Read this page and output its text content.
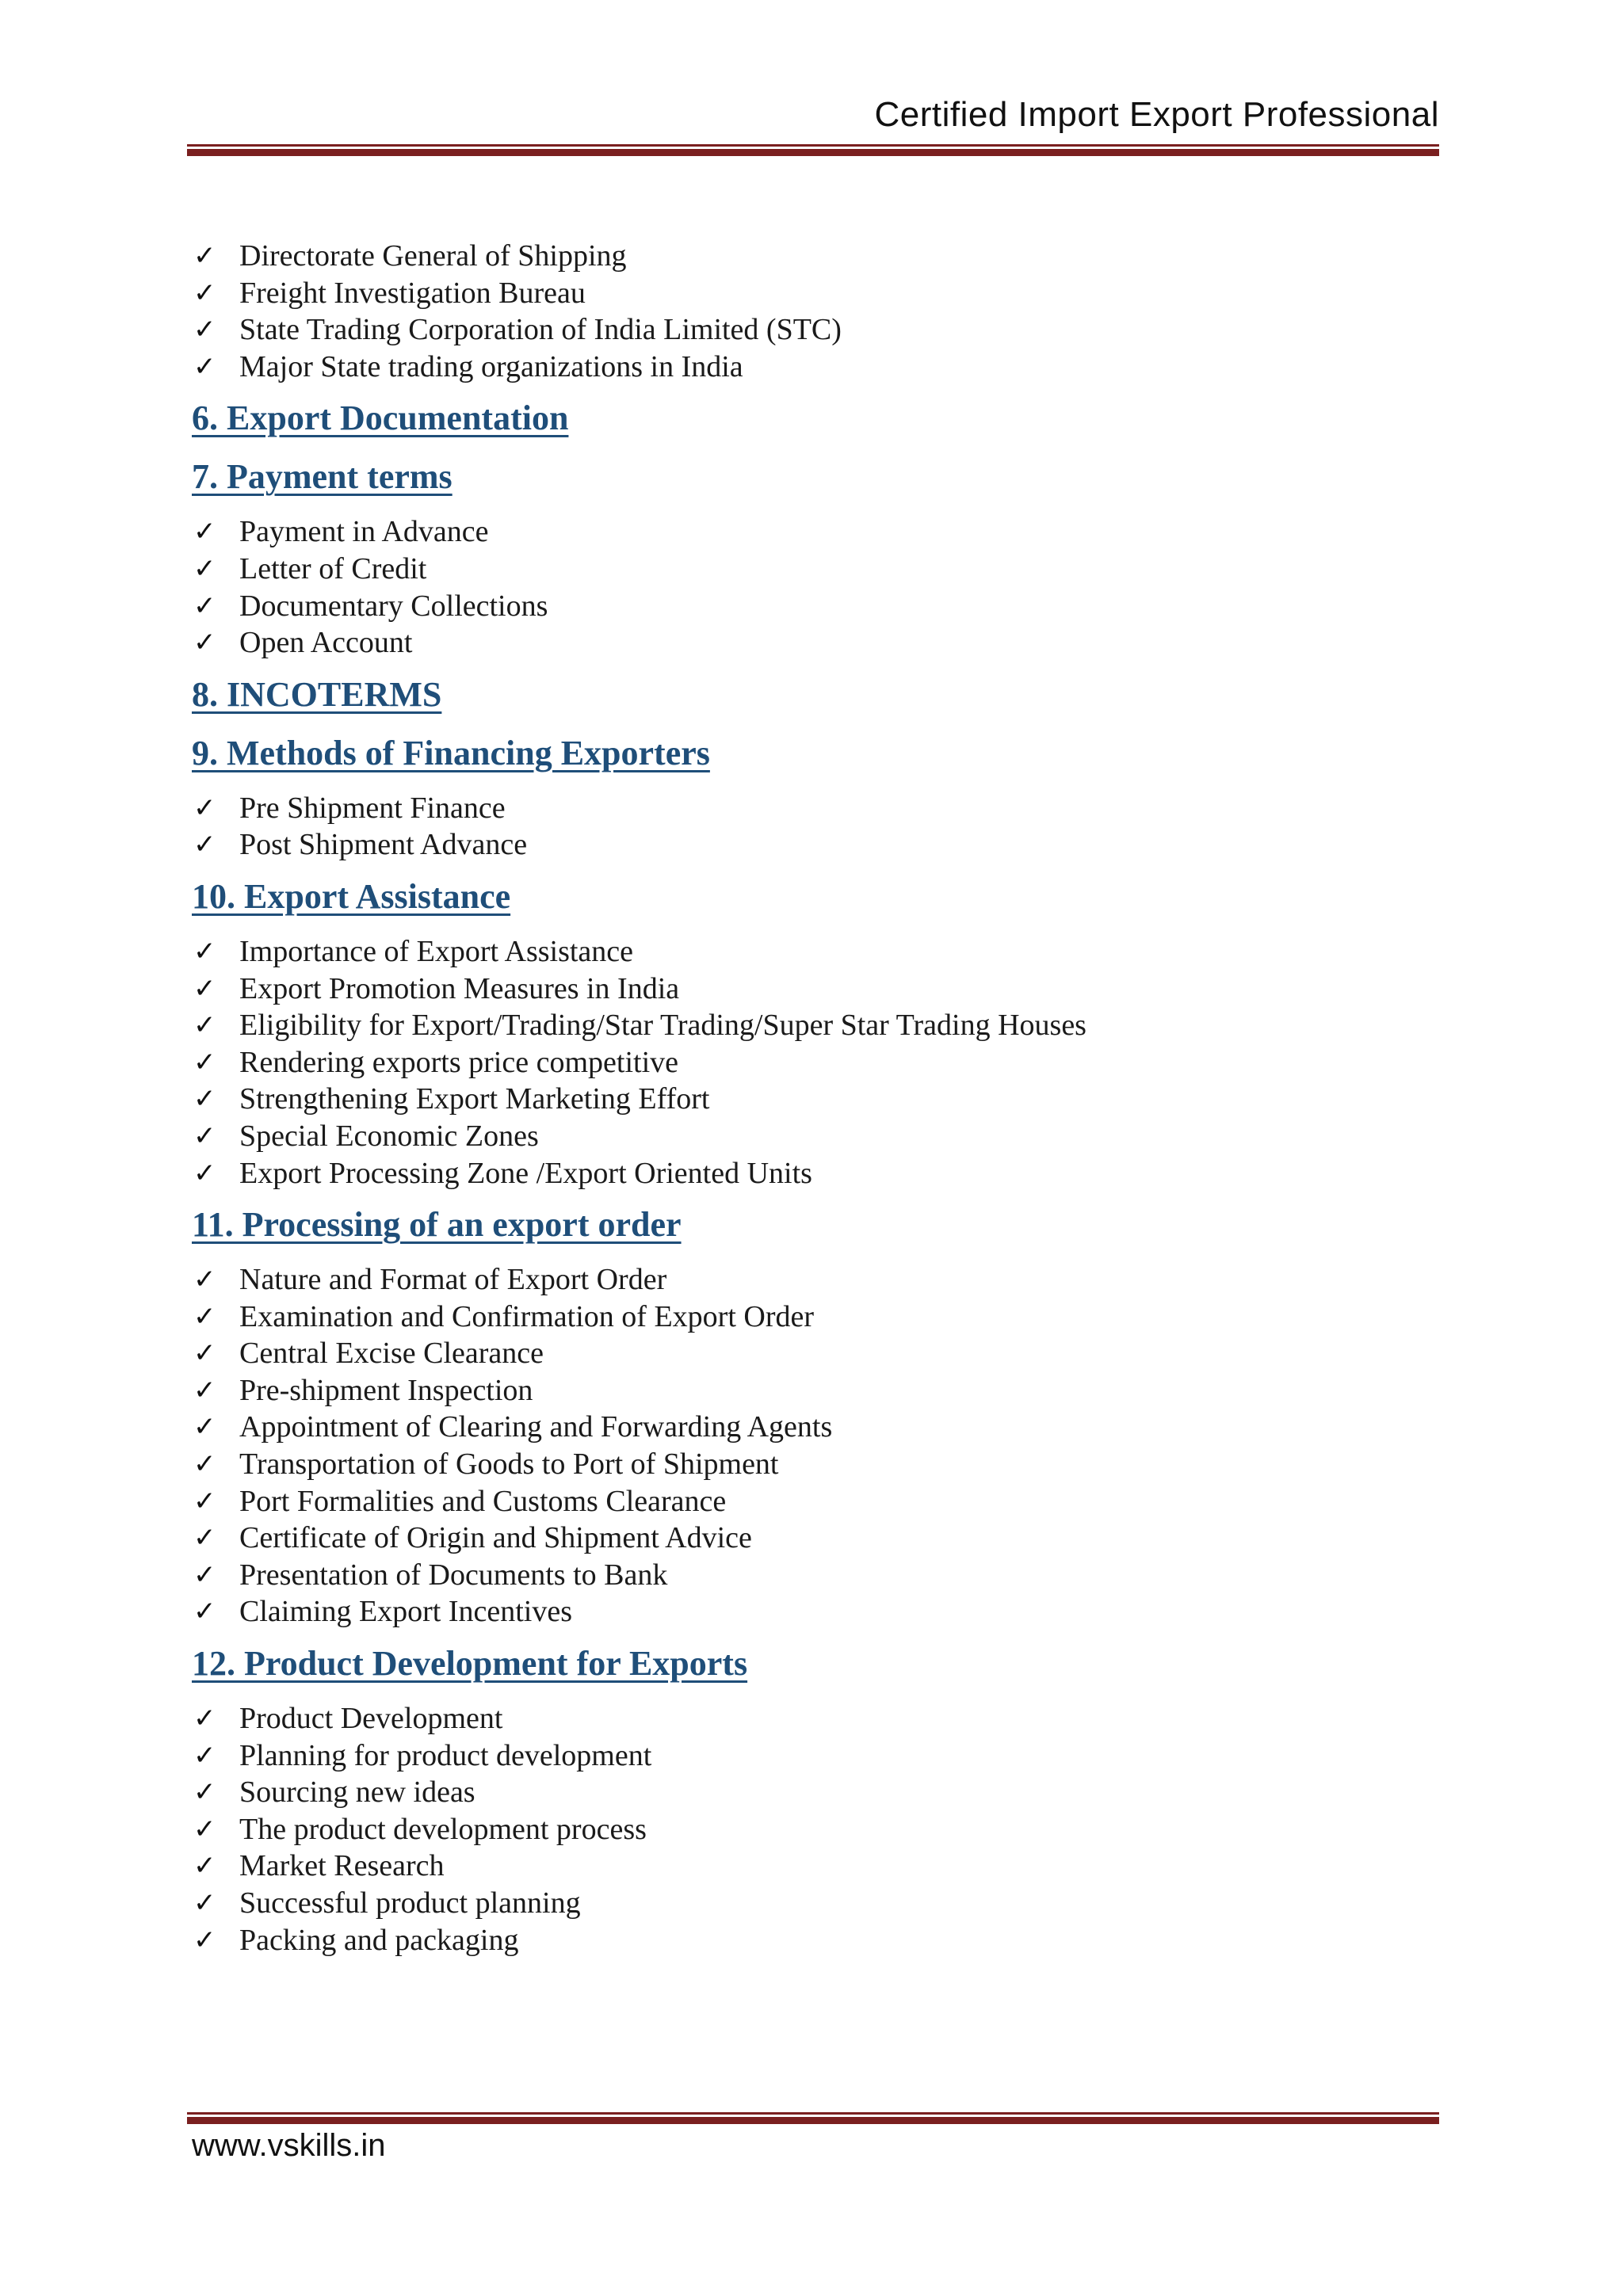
Certified Import Export Professional
✓ Directorate General of Shipping
✓ Freight Investigation Bureau
✓ State Trading Corporation of India Limited (STC)
✓ Major State trading organizations in India
6. Export Documentation
7. Payment terms
✓ Payment in Advance
✓ Letter of Credit
✓ Documentary Collections
✓ Open Account
8. INCOTERMS
9. Methods of Financing Exporters
✓ Pre Shipment Finance
✓ Post Shipment Advance
10. Export Assistance
✓ Importance of Export Assistance
✓ Export Promotion Measures in India
✓ Eligibility for Export/Trading/Star Trading/Super Star Trading Houses
✓ Rendering exports price competitive
✓ Strengthening Export Marketing Effort
✓ Special Economic Zones
✓ Export Processing Zone /Export Oriented Units
11. Processing of an export order
✓ Nature and Format of Export Order
✓ Examination and Confirmation of Export Order
✓ Central Excise Clearance
✓ Pre-shipment Inspection
✓ Appointment of Clearing and Forwarding Agents
✓ Transportation of Goods to Port of Shipment
✓ Port Formalities and Customs Clearance
✓ Certificate of Origin and Shipment Advice
✓ Presentation of Documents to Bank
✓ Claiming Export Incentives
12. Product Development for Exports
✓ Product Development
✓ Planning for product development
✓ Sourcing new ideas
✓ The product development process
✓ Market Research
✓ Successful product planning
✓ Packing and packaging
www.vskills.in
